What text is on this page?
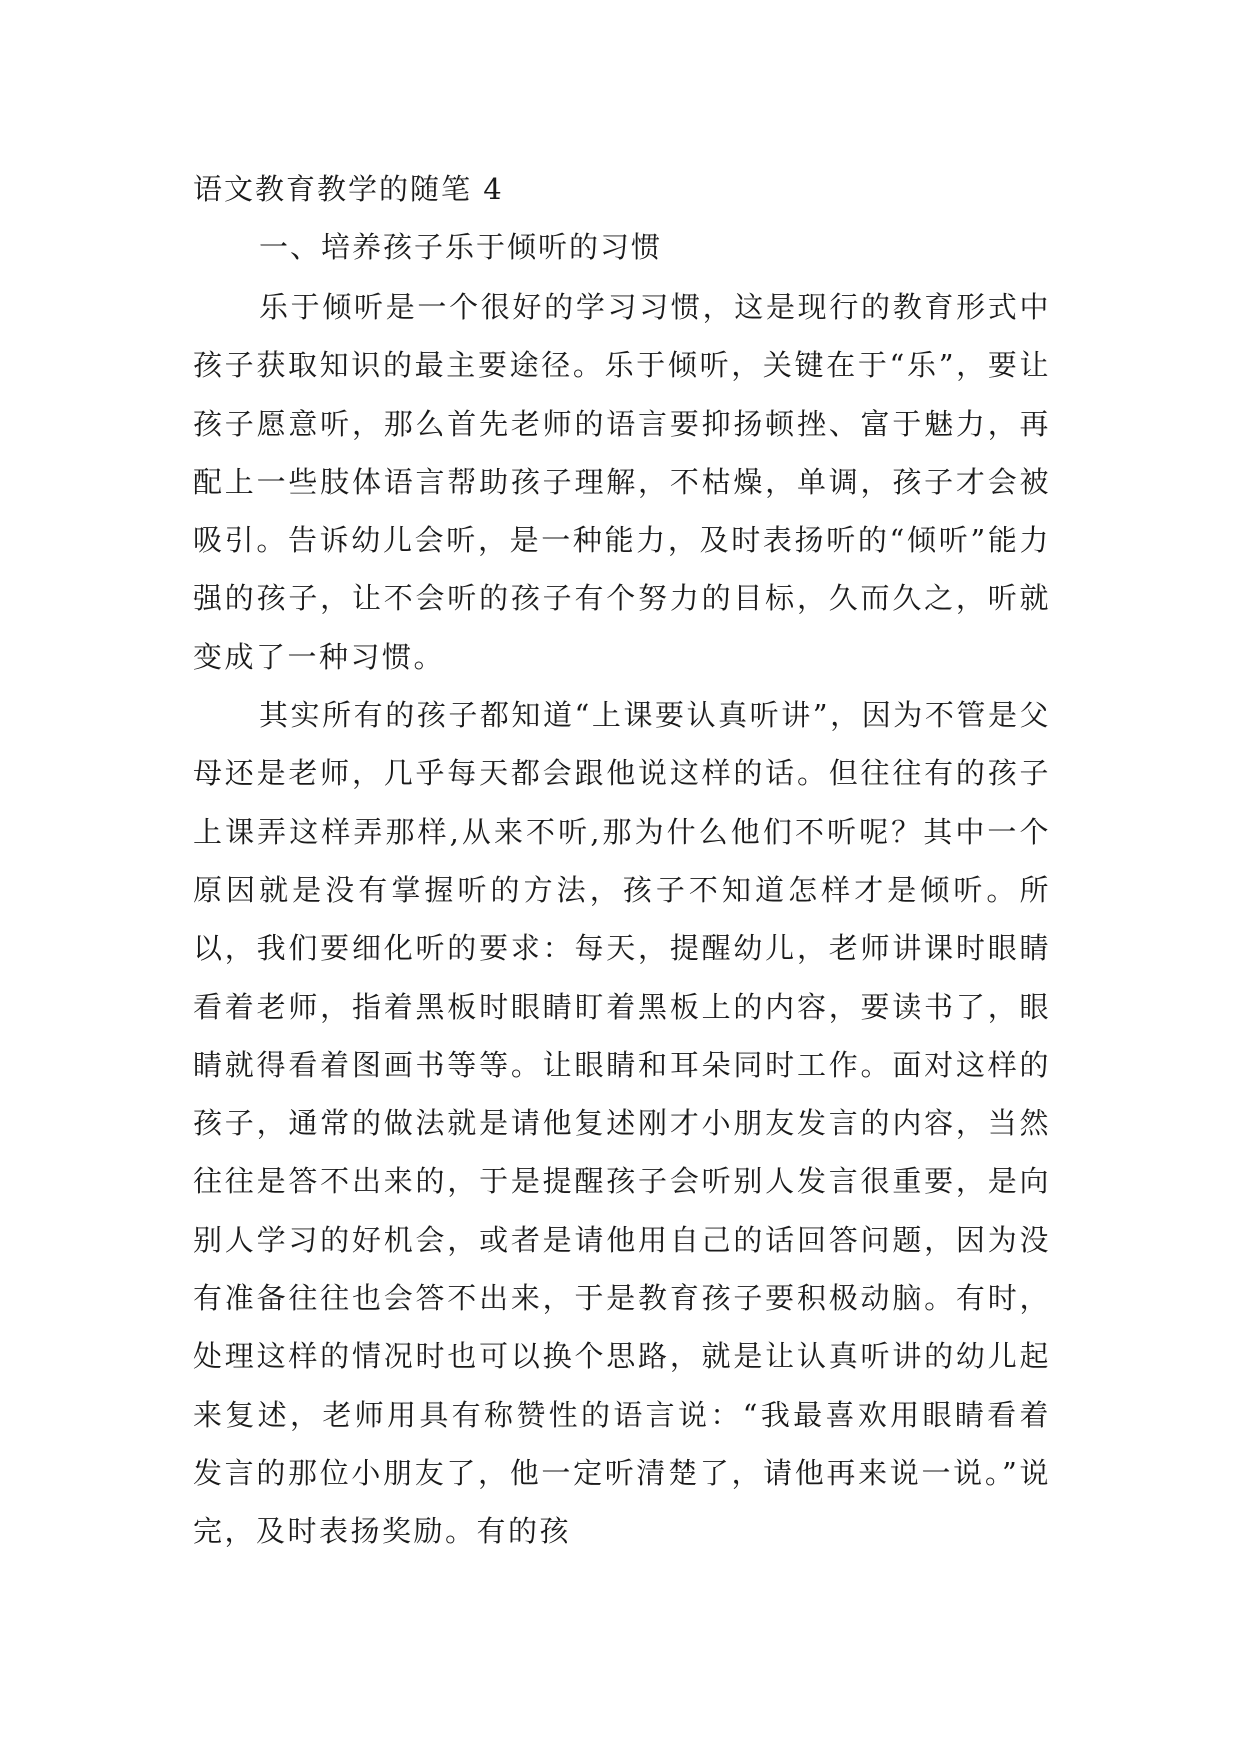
语文教育教学的随笔 4
一、培养孩子乐于倾听的习惯

乐于倾听是一个很好的学习习惯，这是现行的教育形式中孩子获取知识的最主要途径。乐于倾听，关键在于“乐”，要让孩子愿意听，那么首先老师的语言要抑扬顿挫、富于魅力，再配上一些肢体语言帮助孩子理解，不枯燥，单调，孩子才会被吸引。告诉幼儿会听，是一种能力，及时表扬听的“倾听”能力强的孩子，让不会听的孩子有个努力的目标，久而久之，听就变成了一种习惯。

其实所有的孩子都知道“上课要认真听讲”，因为不管是父母还是老师，几乎每天都会跟他说这样的话。但往往有的孩子上课弄这样弄那样,从来不听,那为什么他们不听呢？其中一个原因就是没有掌握听的方法，孩子不知道怎样才是倾听。所以，我们要细化听的要求：每天，提醒幼儿，老师讲课时眼睛看着老师，指着黑板时眼睛盯着黑板上的内容，要读书了，眼睛就得看着图画书等等。让眼睛和耳朵同时工作。面对这样的孩子，通常的做法就是请他复述刚才小朋友发言的内容，当然往往是答不出来的，于是提醒孩子会听别人发言很重要，是向别人学习的好机会，或者是请他用自己的话回答问题，因为没有准备往往也会答不出来，于是教育孩子要积极动脑。有时，处理这样的情况时也可以换个思路，就是让认真听讲的幼儿起来复述，老师用具有称赞性的语言说：“我最喜欢用眼睛看着发言的那位小朋友了，他一定听清楚了，请他再来说一说。”说完，及时表扬奖励。有的孩
